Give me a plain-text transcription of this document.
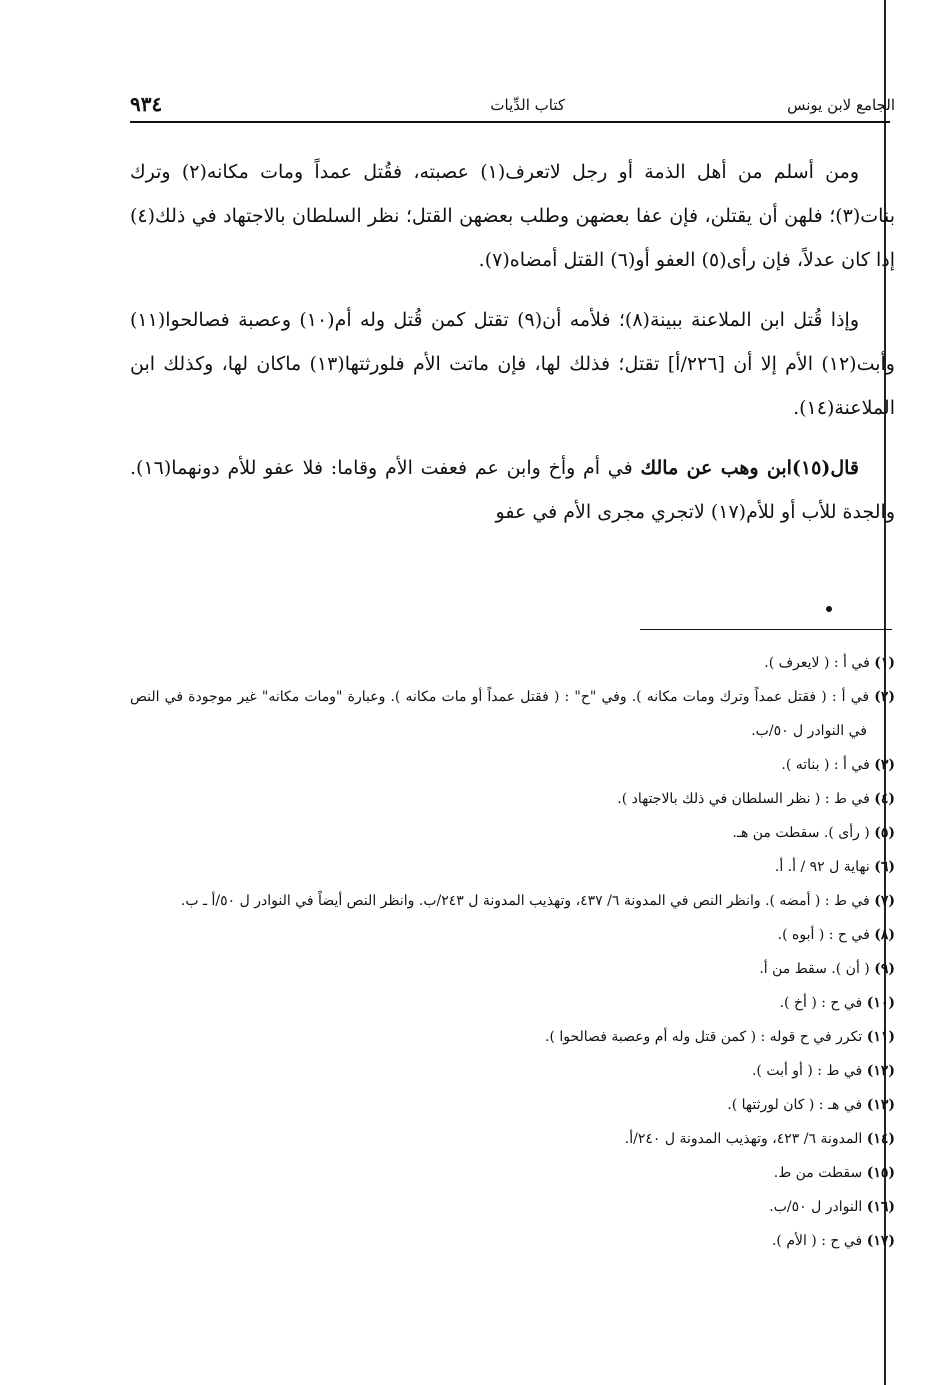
الجامع لابن يونس
كتاب الدِّيات
٩٣٤

ومن أسلم من أهل الذمة أو رجل لاتعرف(١) عصبته، فقُتل عمداً ومات مكانه(٢) وترك بنات(٣)؛ فلهن أن يقتلن، فإن عفا بعضهن وطلب بعضهن القتل؛ نظر السلطان بالاجتهاد في ذلك(٤) إذا كان عدلاً، فإن رأى(٥) العفو أو(٦) القتل أمضاه(٧).

وإذا قُتل ابن الملاعنة ببينة(٨)؛ فلأمه أن(٩) تقتل كمن قُتل وله أم(١٠) وعصبة فصالحوا(١١) وأبت(١٢) الأم إلا أن [٢٢٦/أ] تقتل؛ فذلك لها، فإن ماتت الأم فلورثتها(١٣) ماكان لها، وكذلك ابن الملاعنة(١٤).

قال(١٥)ابن وهب عن مالك في أم وأخ وابن عم فعفت الأم وقاما: فلا عفو للأم دونهما(١٦). والجدة للأب أو للأم(١٧) لاتجري مجرى الأم في عفو

(١) في أ : ( لايعرف ).

(٢) في أ : ( فقتل عمداً وترك ومات مكانه ). وفي "ح" : ( فقتل عمداً أو مات مكانه ). وعبارة "ومات مكانه" غير موجودة في النص في النوادر ل ٥٠/ب.

(٣) في أ : ( بناته ).

(٤) في ط : ( نظر السلطان في ذلك بالاجتهاد ).

(٥) ( رأى ). سقطت من هـ.

(٦) نهاية ل ٩٢ / أ. أ.

(٧) في ط : ( أمضه ). وانظر النص في المدونة ٦/ ٤٣٧، وتهذيب المدونة ل ٢٤٣/ب. وانظر النص أيضاً في النوادر ل ٥٠/أ ـ ب.

(٨) في ح : ( أبوه ).

(٩) ( أن ). سقط من أ.

(١٠) في ح : ( أخ ).

(١١) تكرر في ح قوله : ( كمن قتل وله أم وعصبة فصالحوا ).

(١٢) في ط : ( أو أبت ).

(١٣) في هـ : ( كان لورثتها ).

(١٤) المدونة ٦/ ٤٢٣، وتهذيب المدونة ل ٢٤٠/أ.

(١٥) سقطت من ط.

(١٦) النوادر ل ٥٠/ب.

(١٧) في ح : ( الأم ).
